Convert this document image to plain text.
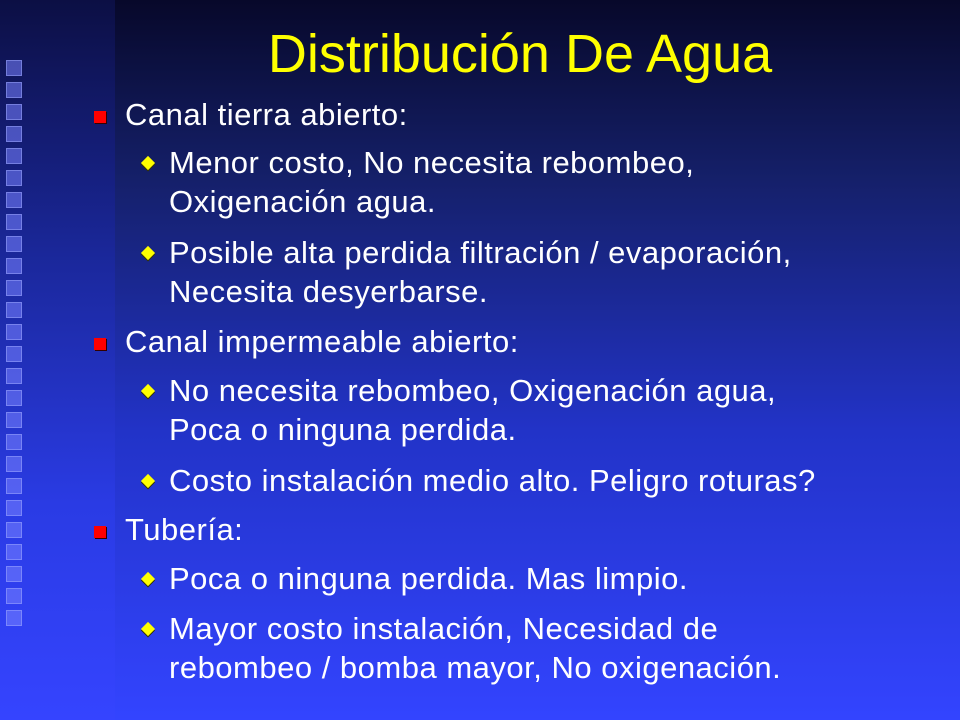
Distribución De Agua
Canal tierra abierto:
Menor costo, No necesita rebombeo,
Oxigenación agua.
Posible alta perdida filtración / evaporación,
Necesita desyerbarse.
Canal impermeable abierto:
No necesita rebombeo, Oxigenación agua,
Poca o ninguna perdida.
Costo instalación medio alto. Peligro roturas?
Tubería:
Poca o ninguna perdida. Mas limpio.
Mayor costo instalación, Necesidad de
rebombeo / bomba mayor, No oxigenación.
